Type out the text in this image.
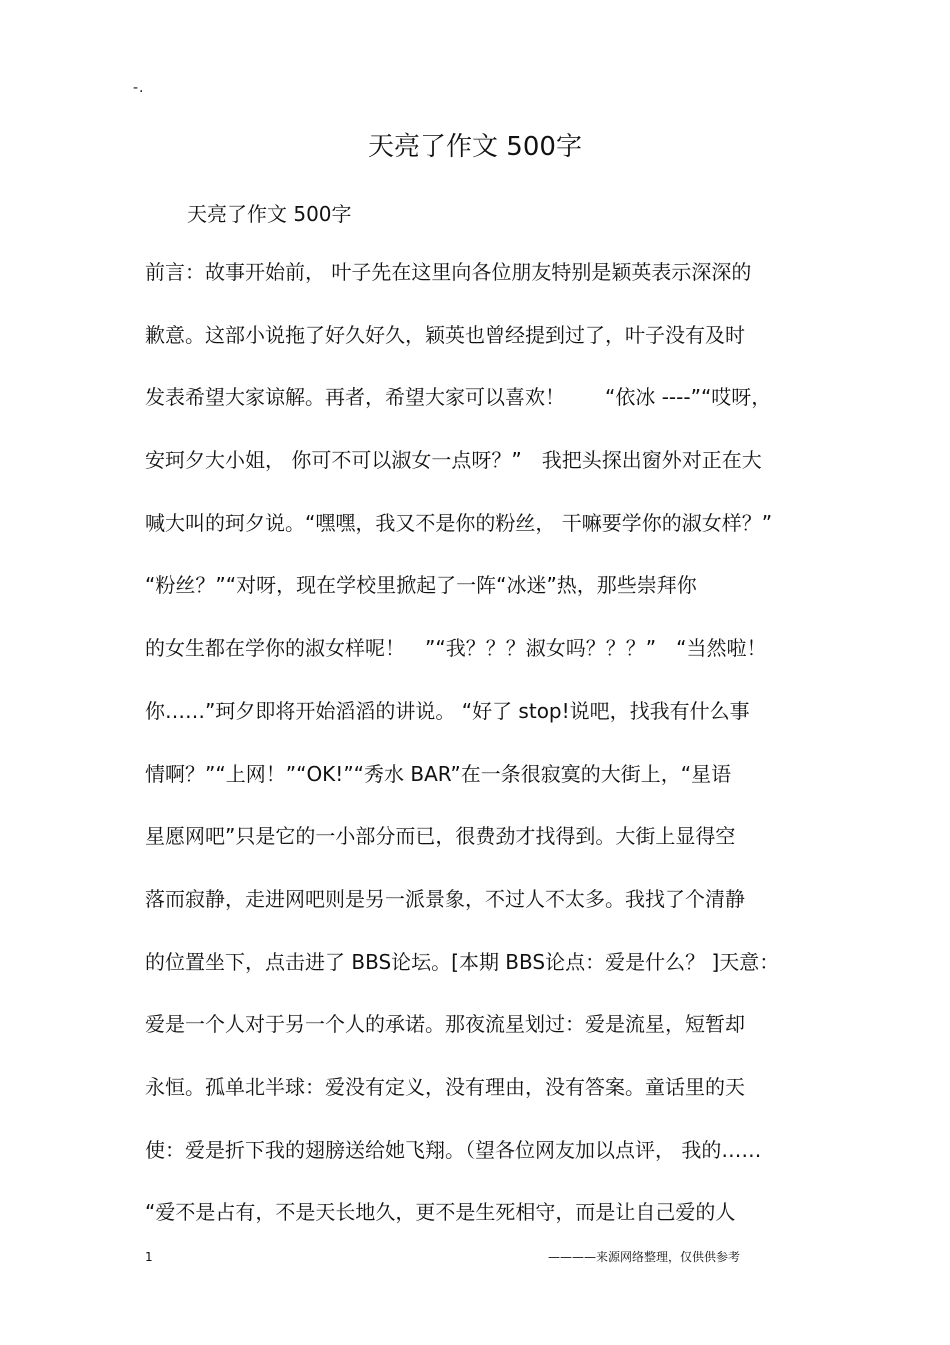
-.
天亮了作文 500字
天亮了作文 500字
前言：故事开始前， 叶子先在这里向各位朋友特别是颖英表示深深的
歉意。这部小说拖了好久好久，颖英也曾经提到过了，叶子没有及时
发表希望大家谅解。再者，希望大家可以喜欢！　　“依冰 ----”“哎呀，
安珂夕大小姐， 你可不可以淑女一点呀？”　我把头探出窗外对正在大
喊大叫的珂夕说。“嘿嘿，我又不是你的粉丝， 干嘛要学你的淑女样？”
“粉丝？”“对呀，现在学校里掀起了一阵“冰迷”热，那些崇拜你
的女生都在学你的淑女样呢！　”“我？？？淑女吗？？？”　“当然啦！
你……”珂夕即将开始滔滔的讲说。 “好了 stop!说吧，找我有什么事
情啊？”“上网！”“OK!”“秀水 BAR”在一条很寂寞的大街上，“星语
星愿网吧”只是它的一小部分而已，很费劲才找得到。大街上显得空
落而寂静，走进网吧则是另一派景象，不过人不太多。我找了个清静
的位置坐下，点击进了 BBS论坛。[本期 BBS论点：爱是什么？ ]天意：
爱是一个人对于另一个人的承诺。那夜流星划过：爱是流星，短暂却
永恒。孤单北半球：爱没有定义，没有理由，没有答案。童话里的天
使：爱是折下我的翅膀送给她飞翔。（望各位网友加以点评， 我的……
“爱不是占有，不是天长地久，更不是生死相守，而是让自己爱的人
1	————来源网络整理，仅供供参考
